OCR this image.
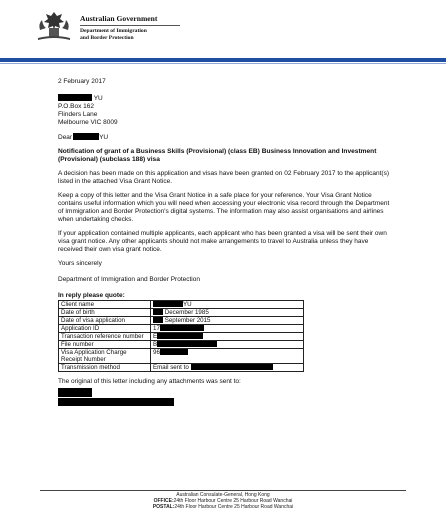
Australian Government
Department of Immigration
and Border Protection

2 February 2017

YU

P.O.Box 162

Flinders Lane

Melbourne VIC 8009

Dear	YU

Notification of grant of a Business Skills (Provisional) (class EB) Business Innovation and Investment (Provisional) (subclass 188) visa

A decision has been made on this application and visas have been granted on 02 February 2017 to the applicant(s) listed in the attached Visa Grant Notice.

Keep a copy of this letter and the Visa Grant Notice in a safe place for your reference. Your Visa Grant Notice contains useful information which you will need when accessing your electronic visa record through the Department of Immigration and Border Protection's digital systems. The information may also assist organisations and airlines when undertaking checks.

If your application contained multiple applicants, each applicant who has been granted a visa will be sent their own visa grant notice. Any other applicants should not make arrangements to travel to Australia unless they have received their own visa grant notice.

Yours sincerely

Department of Immigration and Border Protection

In reply please quote:

Client name	YU
Date of birth	December 1985
Date of visa application	September 2015
Application ID	17
Transaction reference number	E
File number	B
Visa Application Charge Receipt Number	96
Transmission method	Email sent to

The original of this letter including any attachments was sent to:

Australian Consulate-General, Hong Kong
OFFICE:24th Floor Harbour Centre 25 Harbour Road Wanchai
POSTAL:24th Floor Harbour Centre 25 Harbour Road Wanchai
